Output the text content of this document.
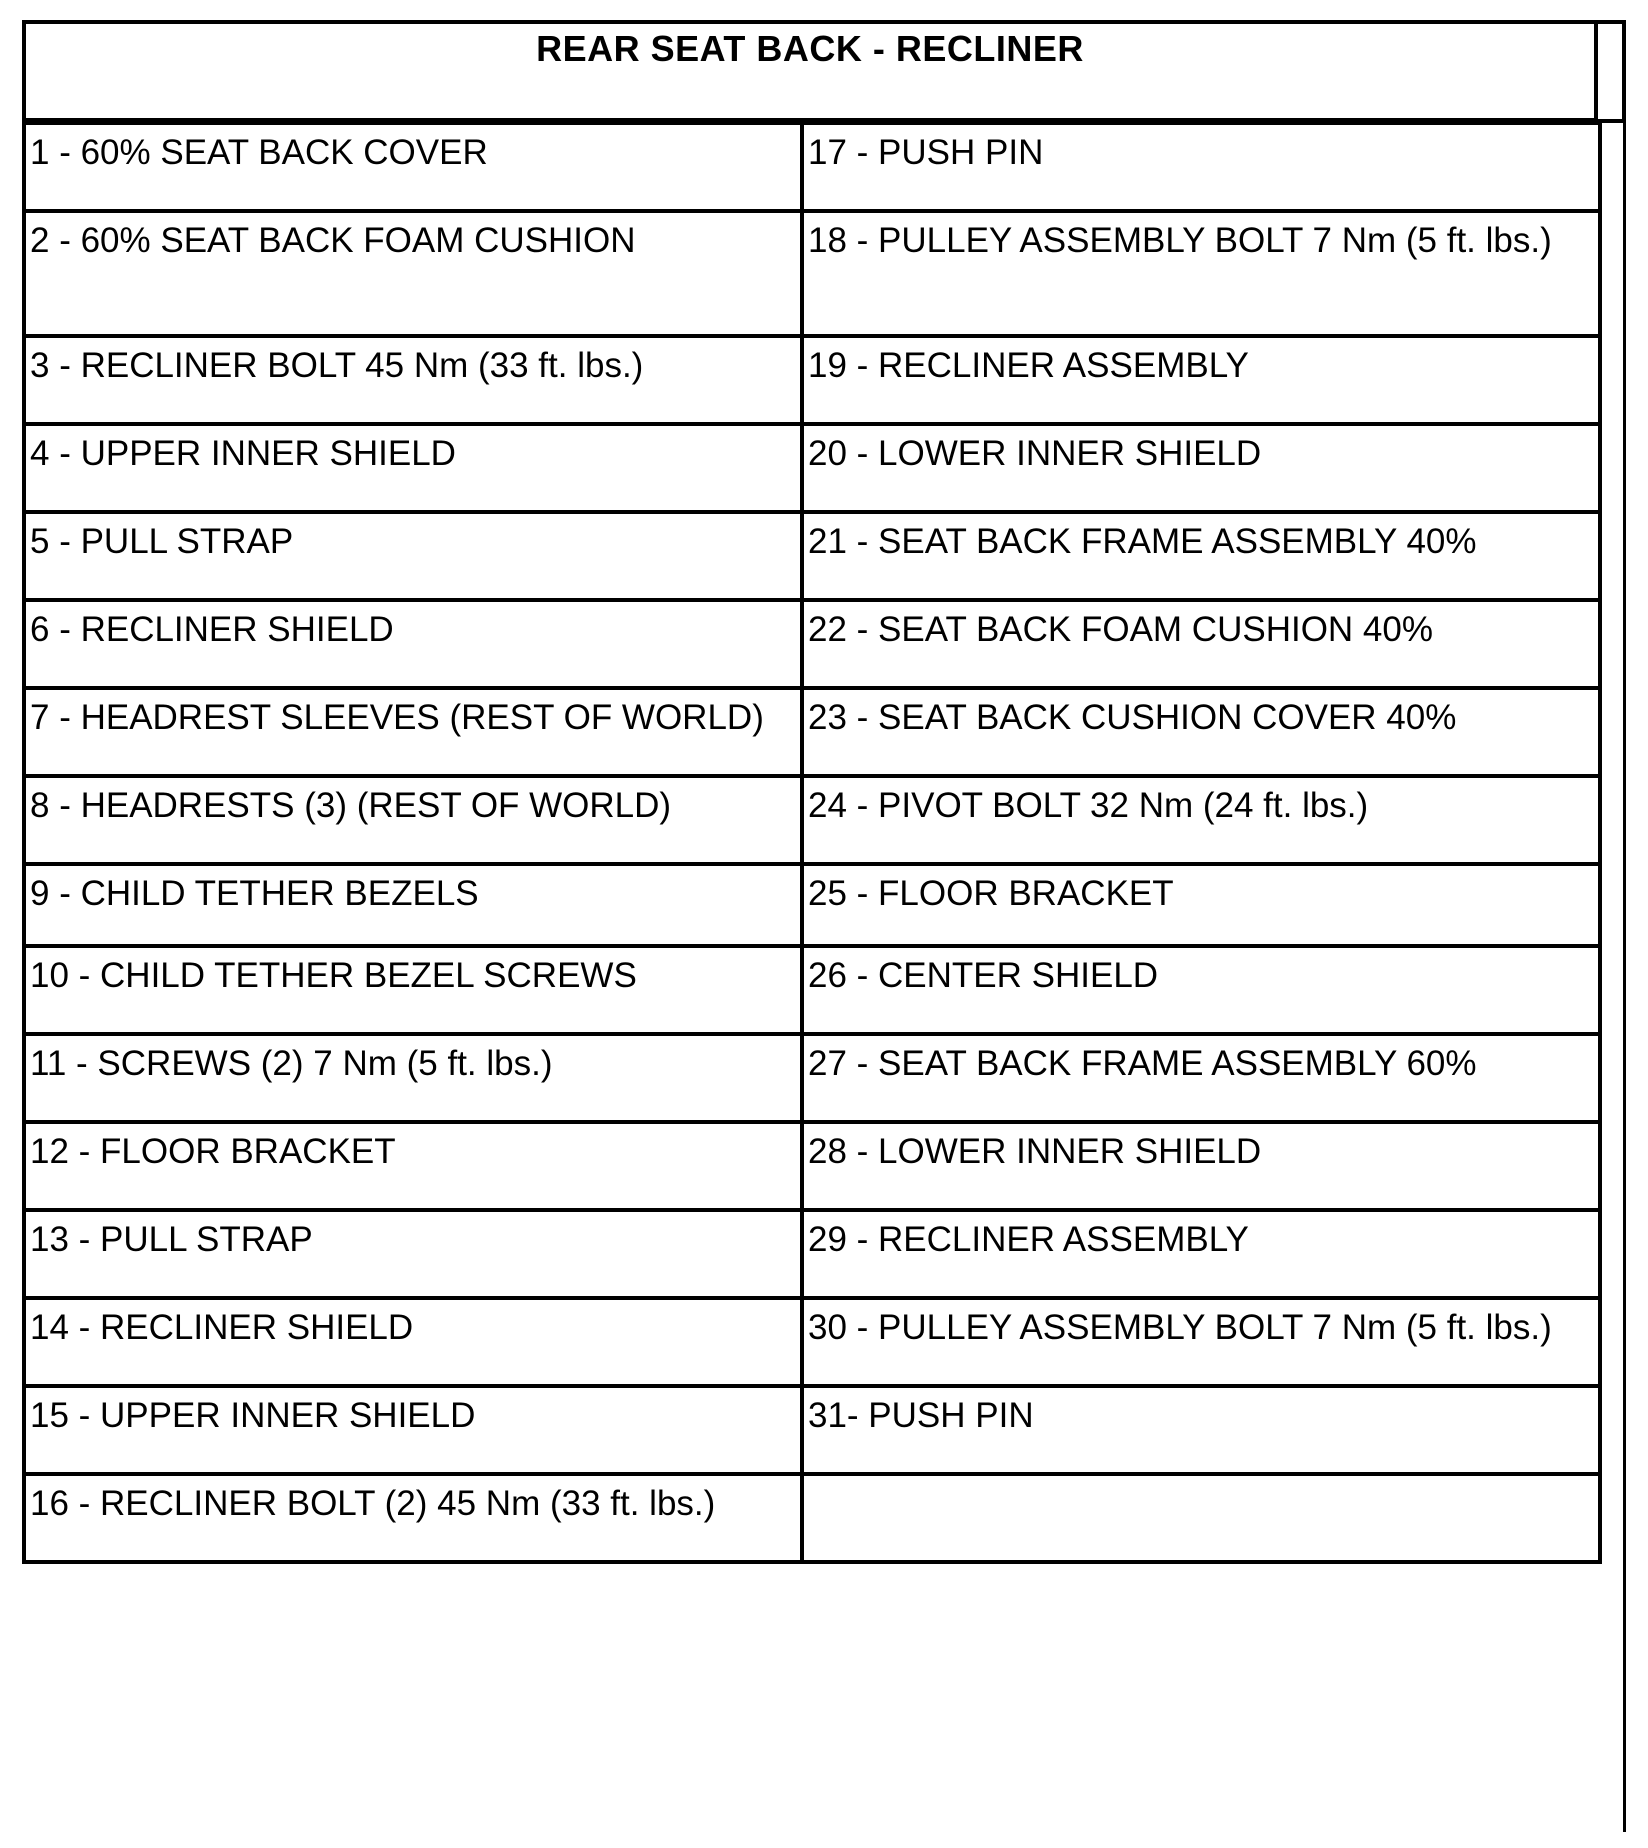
REAR SEAT BACK - RECLINER
1 - 60% SEAT BACK COVER	17 - PUSH PIN
2 - 60% SEAT BACK FOAM CUSHION	18 - PULLEY ASSEMBLY BOLT 7 Nm (5 ft. lbs.)
3 - RECLINER BOLT 45 Nm (33 ft. lbs.)	19 - RECLINER ASSEMBLY
4 - UPPER INNER SHIELD	20 - LOWER INNER SHIELD
5 - PULL STRAP	21 - SEAT BACK FRAME ASSEMBLY 40%
6 - RECLINER SHIELD	22 - SEAT BACK FOAM CUSHION 40%
7 - HEADREST SLEEVES (REST OF WORLD)	23 - SEAT BACK CUSHION COVER 40%
8 - HEADRESTS (3) (REST OF WORLD)	24 - PIVOT BOLT 32 Nm (24 ft. lbs.)
9 - CHILD TETHER BEZELS	25 - FLOOR BRACKET
10 - CHILD TETHER BEZEL SCREWS	26 - CENTER SHIELD
11 - SCREWS (2) 7 Nm (5 ft. lbs.)	27 - SEAT BACK FRAME ASSEMBLY 60%
12 - FLOOR BRACKET	28 - LOWER INNER SHIELD
13 - PULL STRAP	29 - RECLINER ASSEMBLY
14 - RECLINER SHIELD	30 - PULLEY ASSEMBLY BOLT 7 Nm (5 ft. lbs.)
15 - UPPER INNER SHIELD	31- PUSH PIN
16 - RECLINER BOLT (2) 45 Nm (33 ft. lbs.)	
